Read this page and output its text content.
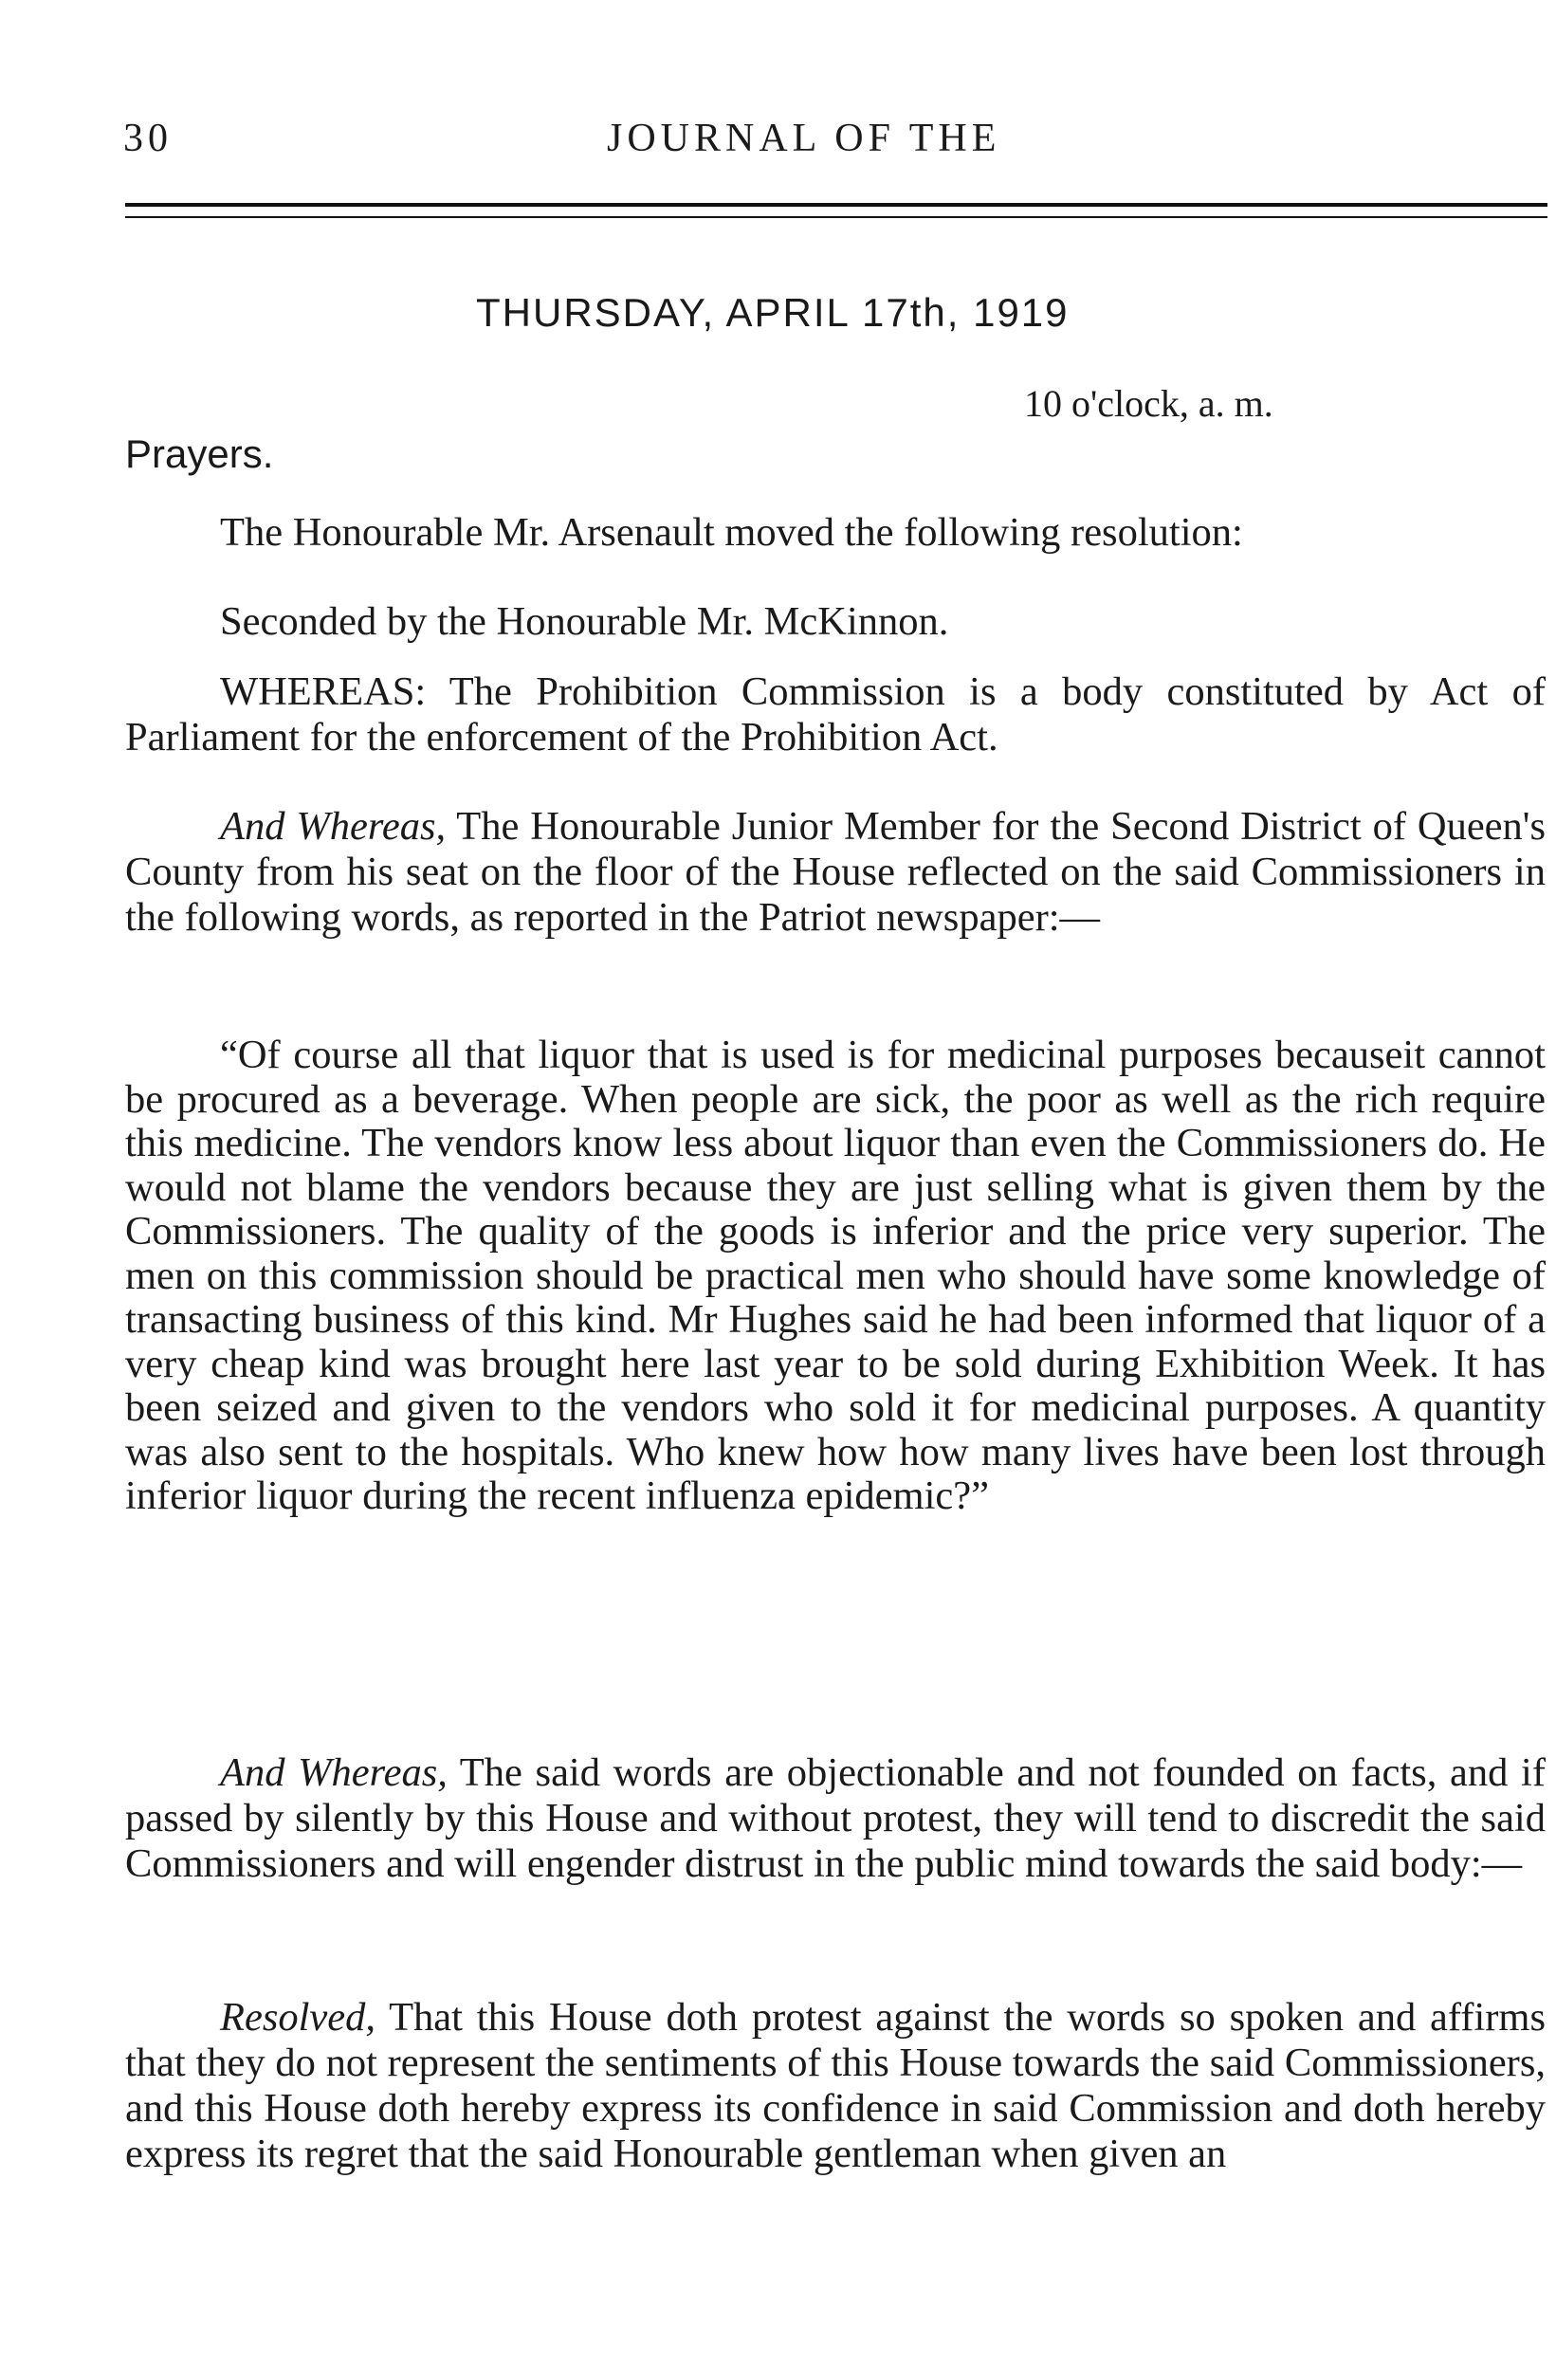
30	JOURNAL OF THE
THURSDAY, APRIL 17th, 1919
10 o'clock, a. m.
Prayers.

The Honourable Mr. Arsenault moved the following resolution:

Seconded by the Honourable Mr. McKinnon.

WHEREAS: The Prohibition Commission is a body constituted by Act of Parliament for the enforcement of the Prohibition Act.

And Whereas, The Honourable Junior Member for the Second District of Queen's County from his seat on the floor of the House reflected on the said Commissioners in the following words, as reported in the Patriot newspaper:—

“Of course all that liquor that is used is for medicinal purposes becauseit cannot be procured as a beverage. When people are sick, the poor as well as the rich require this medicine. The vendors know less about liquor than even the Commissioners do. He would not blame the vendors because they are just selling what is given them by the Commissioners. The quality of the goods is inferior and the price very superior. The men on this commission should be practical men who should have some knowledge of transacting business of this kind. Mr Hughes said he had been informed that liquor of a very cheap kind was brought here last year to be sold during Exhibition Week. It has been seized and given to the vendors who sold it for medicinal purposes. A quantity was also sent to the hospitals. Who knew how how many lives have been lost through inferior liquor during the recent influenza epidemic?”

And Whereas, The said words are objectionable and not founded on facts, and if passed by silently by this House and without protest, they will tend to discredit the said Commissioners and will engender distrust in the public mind towards the said body:—

Resolved, That this House doth protest against the words so spoken and affirms that they do not represent the sentiments of this House towards the said Commissioners, and this House doth hereby express its confidence in said Commission and doth hereby express its regret that the said Honourable gentleman when given an
